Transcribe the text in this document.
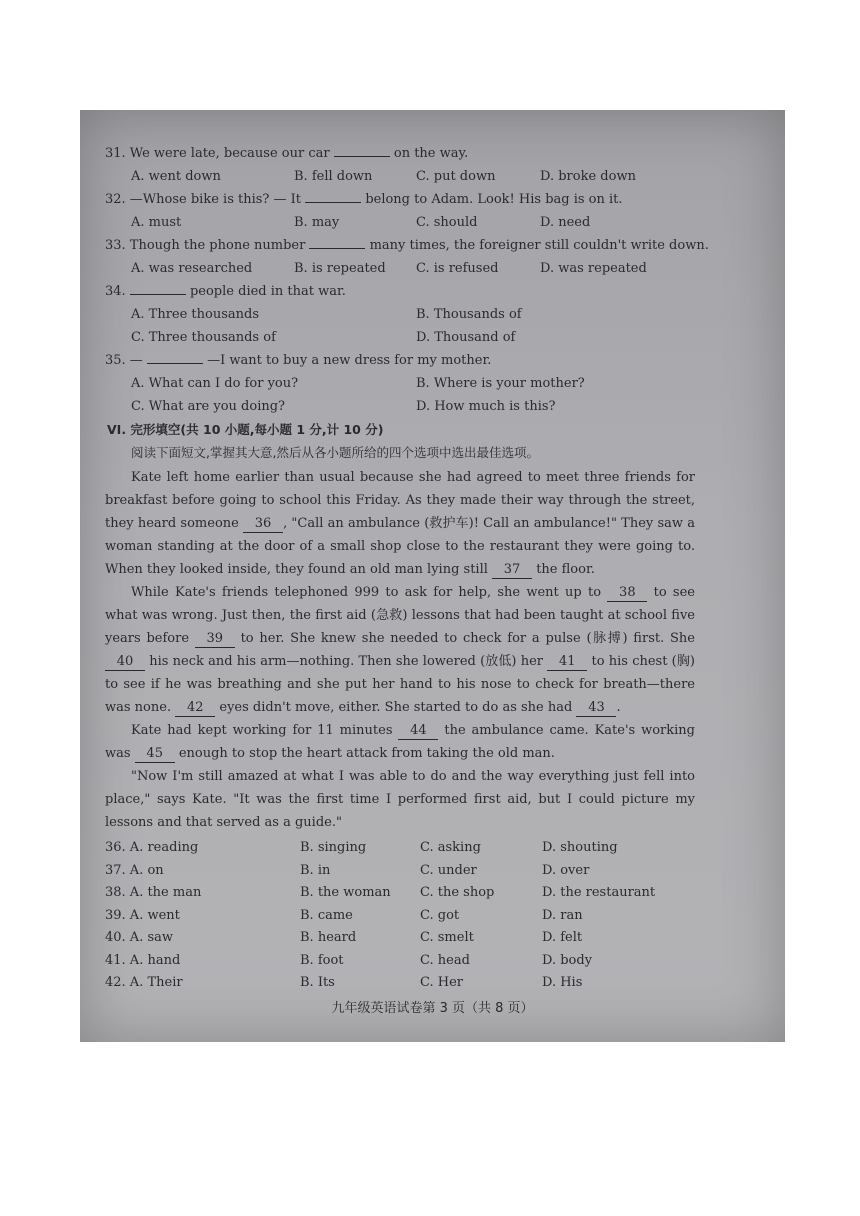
31. We were late, because our car	on the way.
A. went down	B. fell down	C. put down	D. broke down
32. —Whose bike is this? — It	belong to Adam. Look! His bag is on it.
A. must	B. may	C. should	D. need
33. Though the phone number	many times, the foreigner still couldn't write down.
A. was researched	B. is repeated C. is refused	D. was repeated
34.	people died in that war.
A. Three thousands	B. Thousands of
C. Three thousands of	D. Thousand of
35. —	—I want to buy a new dress for my mother.
A. What can I do for you?	B. Where is your mother?
C. What are you doing?	D. How much is this?
VI. 完形填空(共 10 小题,每小题 1 分,计 10 分)
阅读下面短文,掌握其大意,然后从各小题所给的四个选项中选出最佳选项。
Kate left home earlier than usual because she had agreed to meet three friends for breakfast before going to school this Friday. As they made their way through the street, they heard someone 36 , "Call an ambulance (救护车)! Call an ambulance!" They saw a woman standing at the door of a small shop close to the restaurant they were going to. When they looked inside, they found an old man lying still 37 the floor.
While Kate's friends telephoned 999 to ask for help, she went up to 38 to see what was wrong. Just then, the first aid (急救) lessons that had been taught at school five years before 39 to her. She knew she needed to check for a pulse (脉搏) first. She 40 his neck and his arm—nothing. Then she lowered (放低) her 41 to his chest (胸) to see if he was breathing and she put her hand to his nose to check for breath—there was none. 42 eyes didn't move, either. She started to do as she had 43 .
Kate had kept working for 11 minutes 44 the ambulance came. Kate's working was 45 enough to stop the heart attack from taking the old man.
"Now I'm still amazed at what I was able to do and the way everything just fell into place," says Kate. "It was the first time I performed first aid, but I could picture my lessons and that served as a guide."
36. A. reading	B. singing	C. asking	D. shouting
37. A. on	B. in	C. under	D. over
38. A. the man	B. the woman C. the shop	D. the restaurant
39. A. went	B. came	C. got	D. ran
40. A. saw	B. heard	C. smelt	D. felt
41. A. hand	B. foot	C. head	D. body
42. A. Their	B. Its	C. Her	D. His
九年级英语试卷第 3 页（共 8 页）
